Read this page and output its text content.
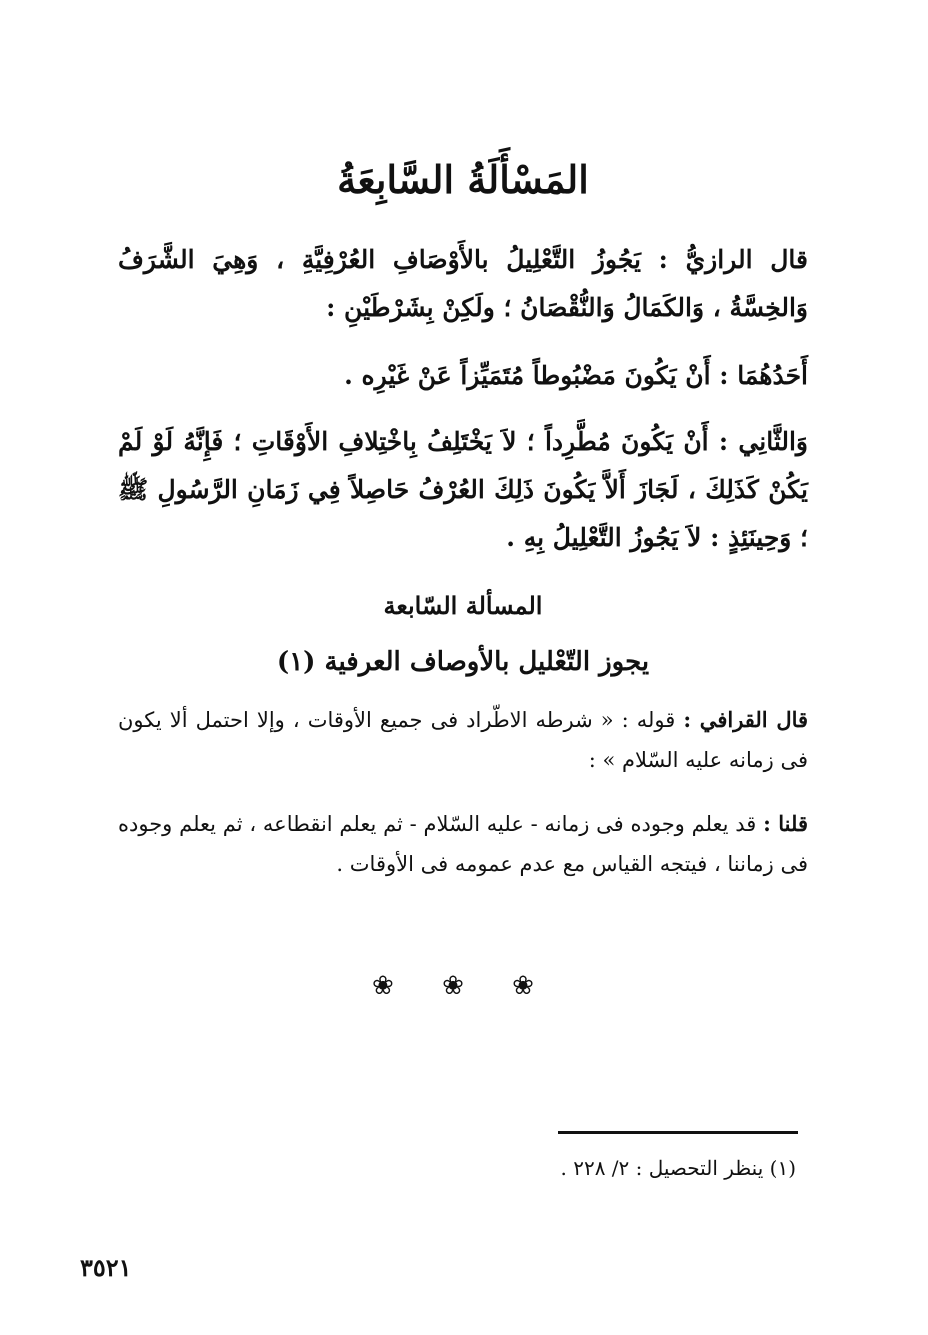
المَسْأَلَةُ السَّابِعَةُ
قال الرازيُّ : يَجُوزُ التَّعْلِيلُ بالأَوْصَافِ العُرْفِيَّةِ ، وَهِيَ الشَّرَفُ وَالخِسَّةُ ، وَالكَمَالُ وَالنُّقْصَانُ ؛ ولَكِنْ بِشَرْطَيْنِ :
أَحَدُهُمَا : أَنْ يَكُونَ مَضْبُوطاً مُتَمَيِّزاً عَنْ غَيْرِه .
وَالثَّانِي : أَنْ يَكُونَ مُطَّرِداً ؛ لاَ يَخْتَلِفُ بِاخْتِلافِ الأَوْقَاتِ ؛ فَإِنَّهُ لَوْ لَمْ يَكُنْ كَذَلِكَ ، لَجَازَ أَلاَّ يَكُونَ ذَلِكَ العُرْفُ حَاصِلاً فِي زَمَانِ الرَّسُولِ ﷺ ؛ وَحِينَئِذٍ : لاَ يَجُوزُ التَّعْلِيلُ بِهِ .
المسألة السّابعة
يجوز التّعْليل بالأوصاف العرفية (١)
قال القرافي : قوله : « شرطه الاطّراد فى جميع الأوقات ، وإلا احتمل ألا يكون فى زمانه عليه السّلام » :
قلنا : قد يعلم وجوده فى زمانه - عليه السّلام - ثم يعلم انقطاعه ، ثم يعلم وجوده فى زماننا ، فيتجه القياس مع عدم عمومه فى الأوقات .
❀ ❀ ❀
(١) ينظر التحصيل : ٢/ ٢٢٨ .
٣٥٢١
